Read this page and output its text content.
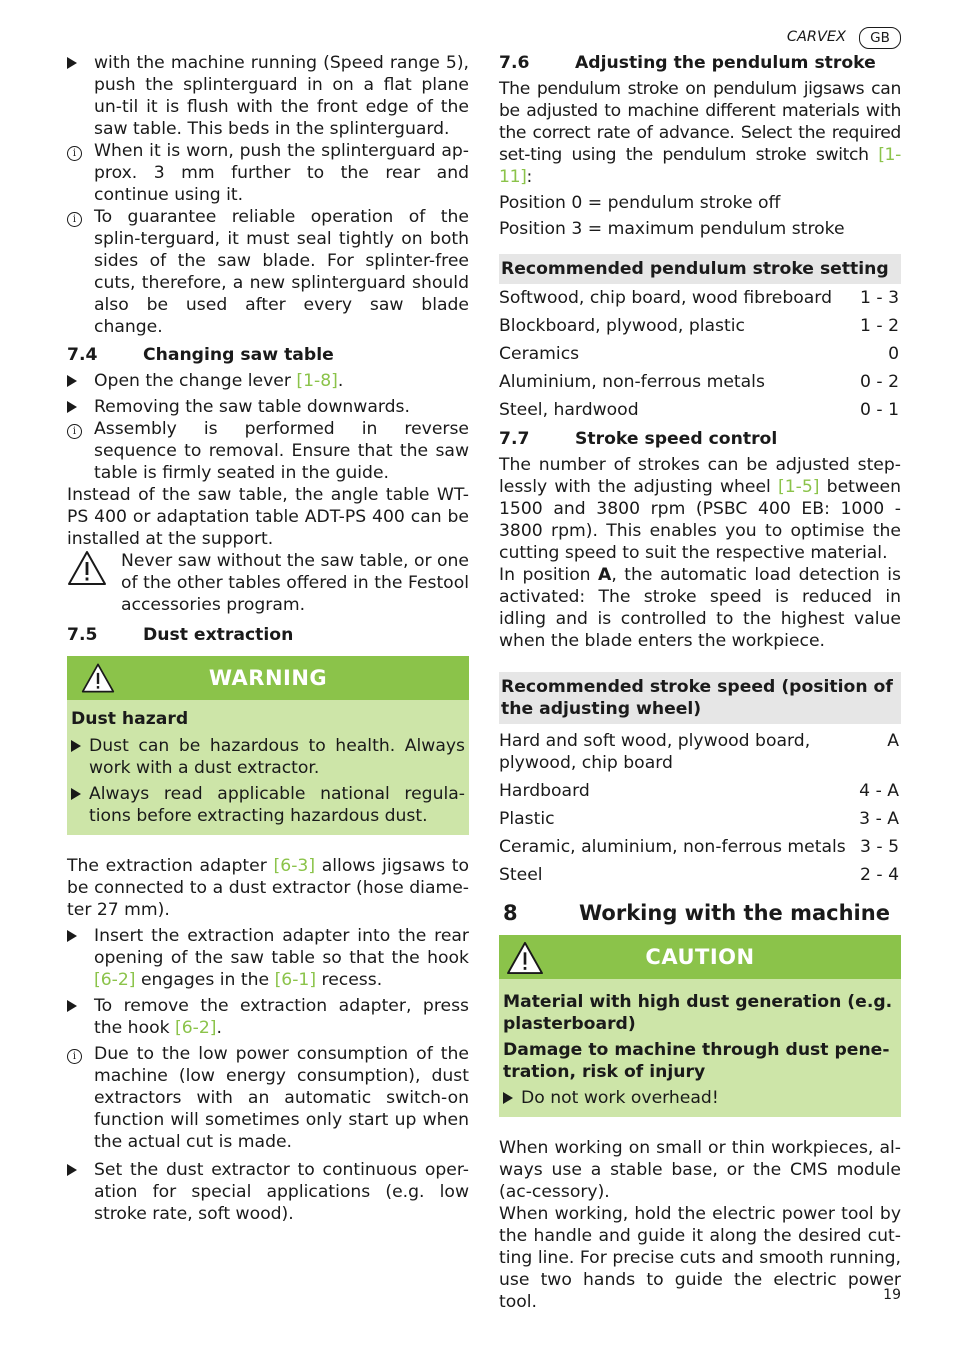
CARVEX	GB
with the machine running (Speed range 5), push the splinterguard in on a flat plane un-til it is flush with the front edge of the saw table. This beds in the splinterguard.
i	When it is worn, push the splinterguard ap-prox. 3 mm further to the rear and continue using it.
i	To guarantee reliable operation of the splin-terguard, it must seal tightly on both sides of the saw blade. For splinter-free cuts, therefore, a new splinterguard should also be used after every saw blade change.
7.4	Changing saw table
Open the change lever [1-8].
Removing the saw table downwards.
i	Assembly is performed in reverse sequence to removal. Ensure that the saw table is firmly seated in the guide.

Instead of the saw table, the angle table WT-PS 400 or adaptation table ADT-PS 400 can be installed at the support.

Never saw without the saw table, or one of the other tables offered in the Festool accessories program.
7.5	Dust extraction
WARNING
Dust hazard
Dust can be hazardous to health. Always work with a dust extractor.
Always read applicable national regula-tions before extracting hazardous dust.

The extraction adapter [6-3] allows jigsaws to be connected to a dust extractor (hose diame-ter 27 mm).

Insert the extraction adapter into the rear opening of the saw table so that the hook [6-2] engages in the [6-1] recess.
To remove the extraction adapter, press the hook [6-2].
i	Due to the low power consumption of the machine (low energy consumption), dust extractors with an automatic switch-on function will sometimes only start up when the actual cut is made.
Set the dust extractor to continuous oper-ation for special applications (e.g. low stroke rate, soft wood).
7.6	Adjusting the pendulum stroke

The pendulum stroke on pendulum jigsaws can be adjusted to machine different materials with the correct rate of advance. Select the required set-ting using the pendulum stroke switch [1-11]:

Position 0 = pendulum stroke off

Position 3 = maximum pendulum stroke

Recommended pendulum stroke setting	
Softwood, chip board, wood fibreboard	1 - 3
Blockboard, plywood, plastic	1 - 2
Ceramics	0
Aluminium, non-ferrous metals	0 - 2
Steel, hardwood	0 - 1
7.7	Stroke speed control

The number of strokes can be adjusted step-lessly with the adjusting wheel [1-5] between 1500 and 3800 rpm (PSBC 400 EB: 1000 - 3800 rpm). This enables you to optimise the cutting speed to suit the respective material.

In position A, the automatic load detection is activated: The stroke speed is reduced in idling and is controlled to the highest value when the blade enters the workpiece.

Recommended stroke speed (position of the adjusting wheel)	
Hard and soft wood, plywood board, plywood, chip board	A
Hardboard	4 - A
Plastic	3 - A
Ceramic, aluminium, non-ferrous metals	3 - 5
Steel	2 - 4
8	Working with the machine
CAUTION
Material with high dust generation (e.g. plasterboard)
Damage to machine through dust pene-tration, risk of injury
Do not work overhead!

When working on small or thin workpieces, al-ways use a stable base, or the CMS module (ac-cessory).

When working, hold the electric power tool by the handle and guide it along the desired cut-ting line. For precise cuts and smooth running, use two hands to guide the electric power tool.	19
